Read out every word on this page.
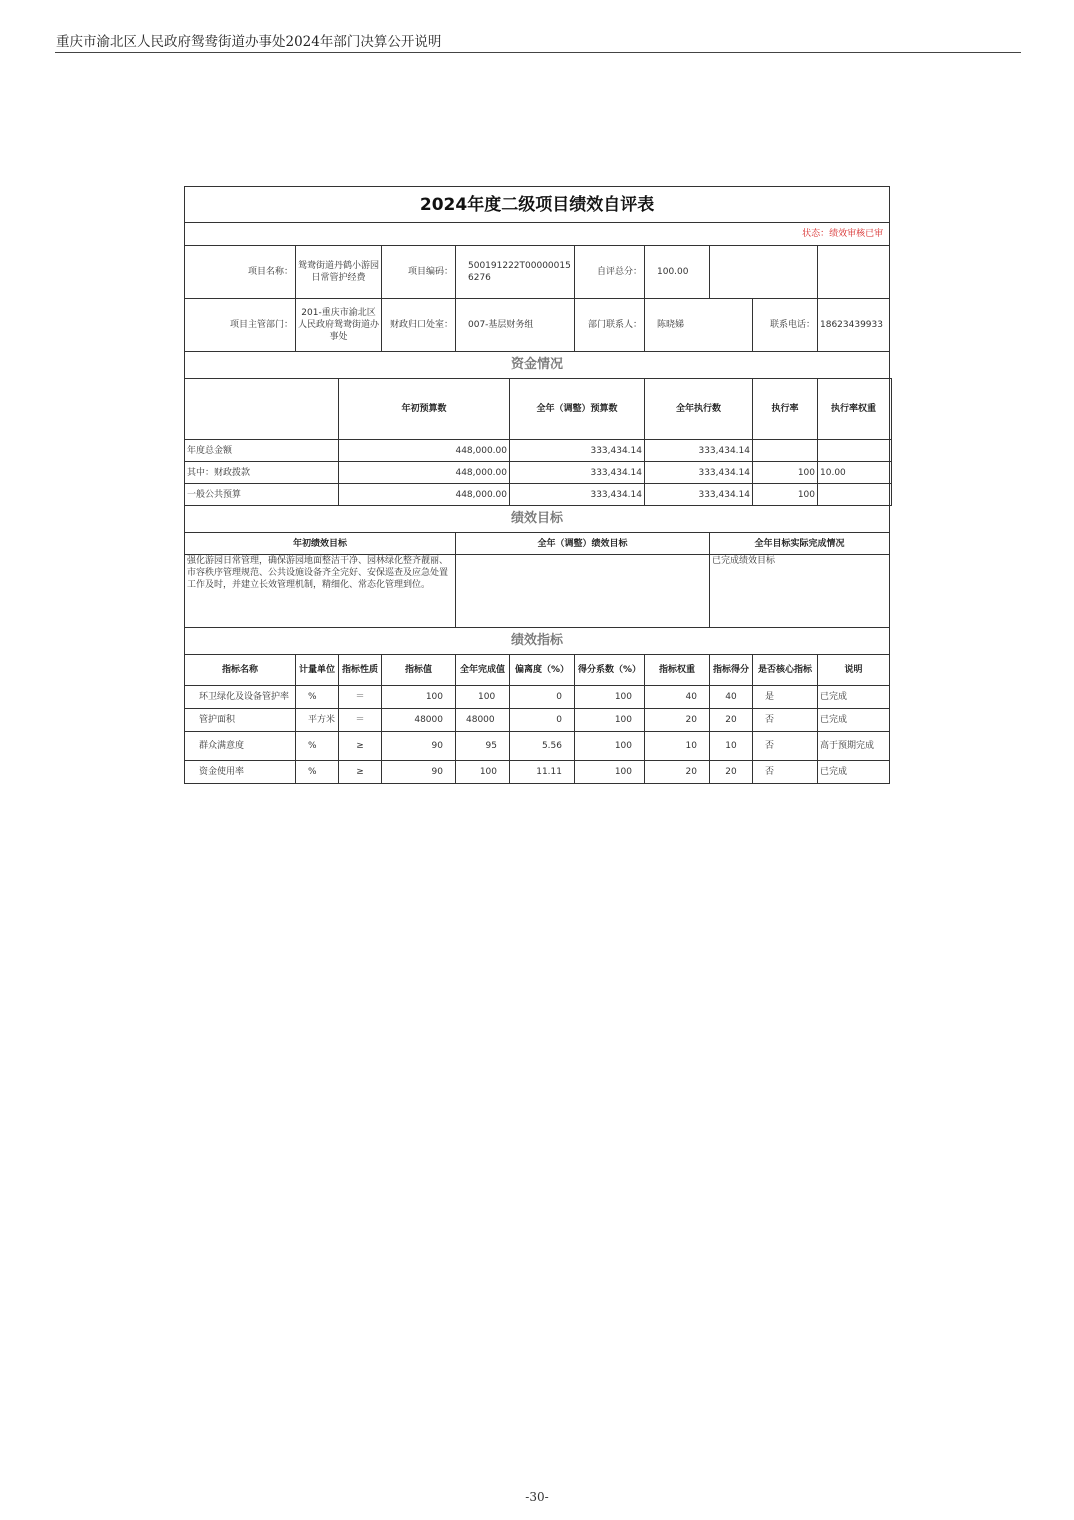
重庆市渝北区人民政府鸳鸯街道办事处2024年部门决算公开说明
2024年度二级项目绩效自评表											
状态：绩效审核已审											
项目名称：	鸳鸯街道丹鹤小游园日常管护经费		项目编码：	500191222T000000156276		自评总分：	100.00				
项目主管部门：	201-重庆市渝北区人民政府鸳鸯街道办事处		财政归口处室：	007-基层财务组		部门联系人：	陈晓娣		联系电话：	18623439933	
资金情况											
		年初预算数			全年（调整）预算数		全年执行数		执行率	执行率权重	
年度总金额		448,000.00			333,434.14		333,434.14				
其中：财政拨款		448,000.00			333,434.14		333,434.14		100	10.00	
一般公共预算		448,000.00			333,434.14		333,434.14		100		
绩效目标											
年初绩效目标				全年（调整）绩效目标				全年目标实际完成情况			
强化游园日常管理，确保游园地面整洁干净、园林绿化整齐靓丽、市容秩序管理规范、公共设施设备齐全完好、安保巡查及应急处置工作及时，并建立长效管理机制，精细化、常态化管理到位。								已完成绩效目标			
绩效指标											
指标名称	计量单位	指标性质	指标值	全年完成值	偏离度（%）	得分系数（%）	指标权重	指标得分	是否核心指标	说明	
环卫绿化及设备管护率	%	＝	100	100	0	100	40	40	是	已完成	
管护面积	平方米	＝	48000	48000	0	100	20	20	否	已完成	
群众满意度	%	≥	90	95	5.56	100	10	10	否	高于预期完成	
资金使用率	%	≥	90	100	11.11	100	20	20	否	已完成	
-30-
